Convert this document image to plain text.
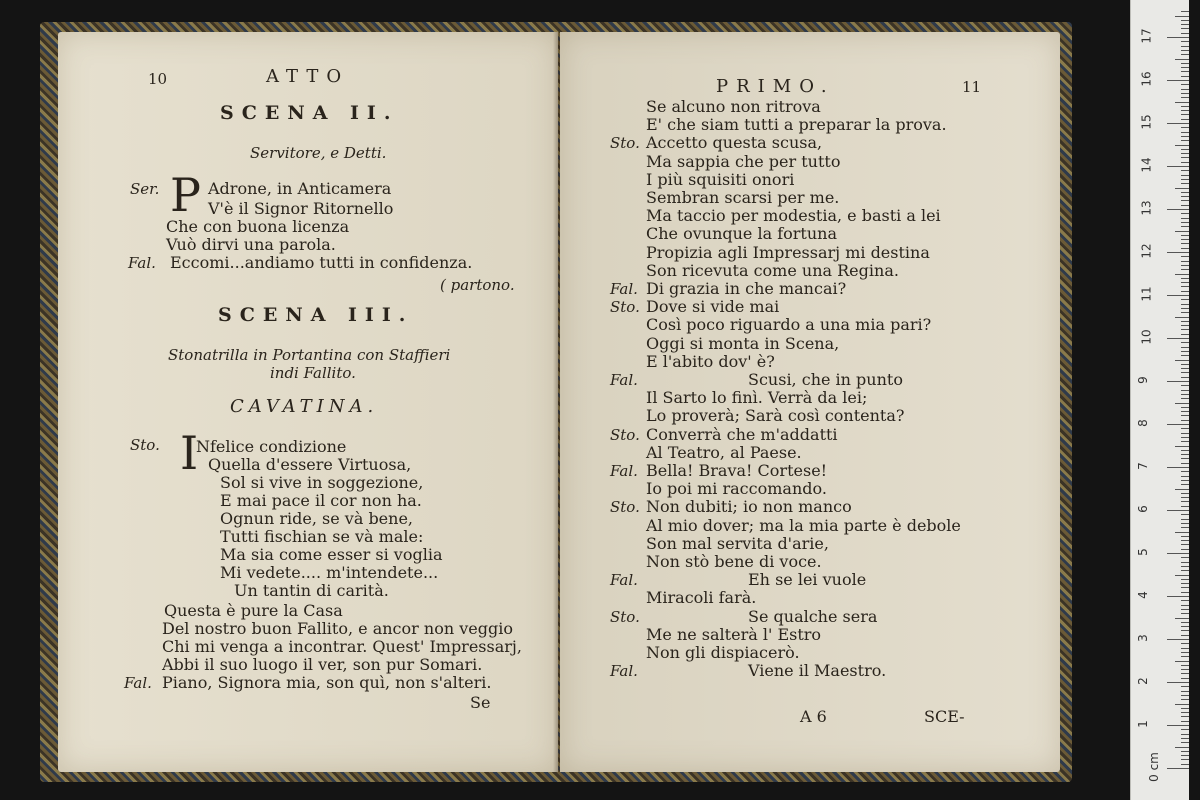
10	ATTO
SCENA II.
Servitore, e Detti.
Ser. P Adrone, in Anticamera
V'è il Signor Ritornello
Che con buona licenza
Vuò dirvi una parola.
Fal. Eccomi...andiamo tutti in confidenza.
( partono.
SCENA III.
Stonatrilla in Portantina con Staffieri
indi Fallito.
CAVATINA.
Sto. I
Nfelice condizione
Quella d'essere Virtuosa,
Sol si vive in soggezione,
E mai pace il cor non ha.
Ognun ride, se và bene,
Tutti fischian se và male:
Ma sia come esser si voglia
Mi vedete.... m'intendete...
Un tantin di carità.
Questa è pure la Casa
Del nostro buon Fallito, e ancor non veggio
Chi mi venga a incontrar. Quest' Impressarj,
Abbi il suo luogo il ver, son pur Somari.
Fal. Piano, Signora mia, son quì, non s'alteri.
Se
PRIMO.	11
Se alcuno non ritrova
E' che siam tutti a preparar la prova.
Sto. Accetto questa scusa,
Ma sappia che per tutto
I più squisiti onori
Sembran scarsi per me.
Ma taccio per modestia, e basti a lei
Che ovunque la fortuna
Propizia agli Impressarj mi destina
Son ricevuta come una Regina.
Fal. Di grazia in che mancai?
Sto. Dove si vide mai
Così poco riguardo a una mia pari?
Oggi si monta in Scena,
E l'abito dov' è?
Fal.	Scusi, che in punto
Il Sarto lo finì. Verrà da lei;
Lo proverà; Sarà così contenta?
Sto. Converrà che m'addatti
Al Teatro, al Paese.
Fal. Bella! Brava! Cortese!
Io poi mi raccomando.
Sto. Non dubiti; io non manco
Al mio dover; ma la mia parte è debole
Son mal servita d'arie,
Non stò bene di voce.
Fal.	Eh se lei vuole
Miracoli farà.
Sto.	Se qualche sera
Me ne salterà l' Estro
Non gli dispiacerò.
Fal.	Viene il Maestro.
A 6	SCE-
0 cm
1
2
3
4
5
6
7
8
9
10
11
12
13
14
15
16
17
